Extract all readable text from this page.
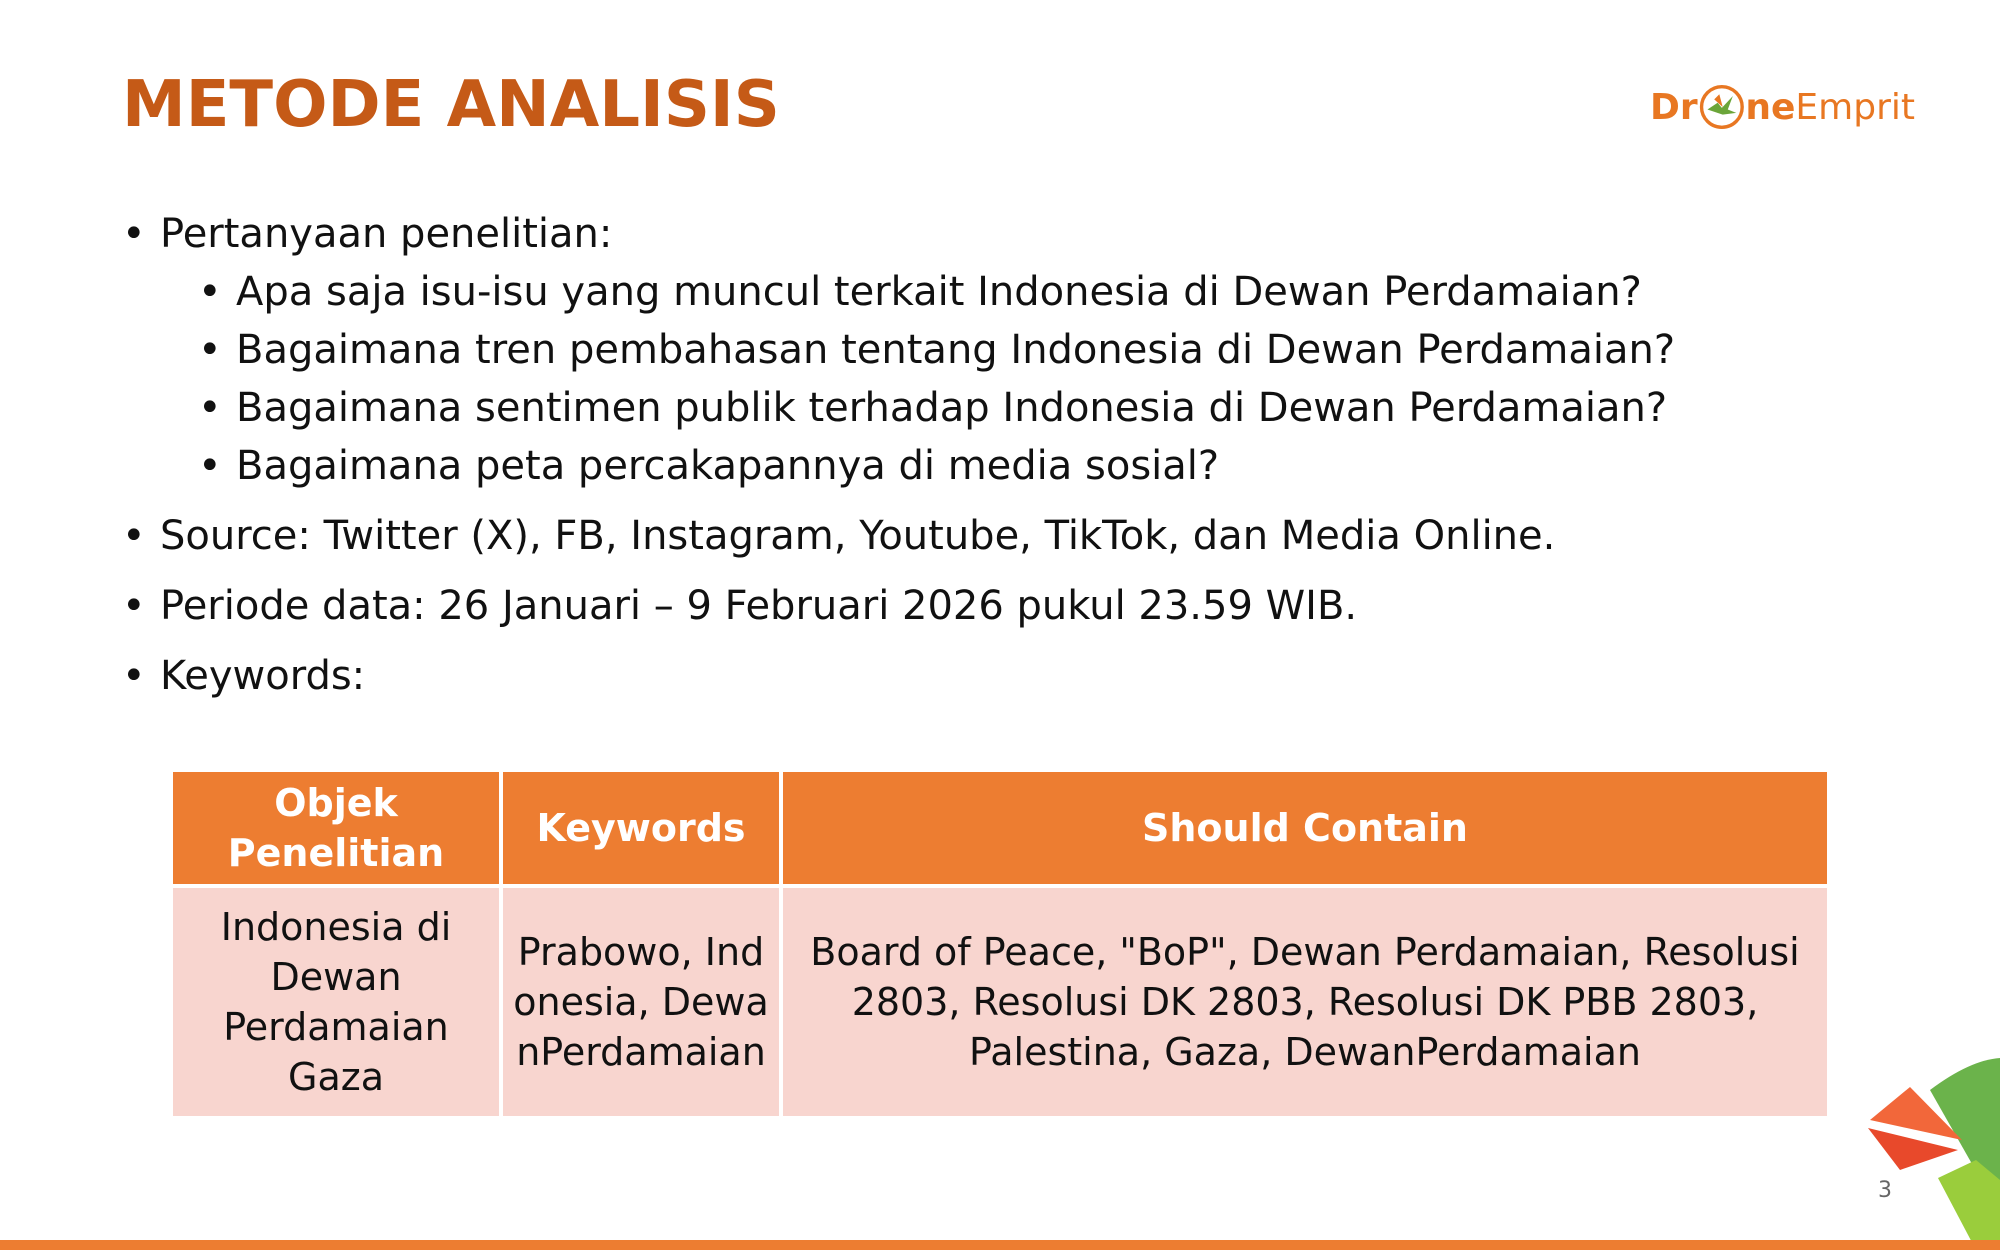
METODE ANALISIS	Dr ne Emprit
• Pertanyaan penelitian:
• Apa saja isu-isu yang muncul terkait Indonesia di Dewan Perdamaian?
• Bagaimana tren pembahasan tentang Indonesia di Dewan Perdamaian?
• Bagaimana sentimen publik terhadap Indonesia di Dewan Perdamaian?
• Bagaimana peta percakapannya di media sosial?
• Source: Twitter (X), FB, Instagram, Youtube, TikTok, dan Media Online.
• Periode data: 26 Januari – 9 Februari 2026 pukul 23.59 WIB.
• Keywords:
Objek Penelitian	Keywords	Should Contain
Indonesia di Dewan Perdamaian Gaza	Prabowo, Indonesia, DewanPerdamaian	Board of Peace, "BoP", Dewan Perdamaian, Resolusi 2803, Resolusi DK 2803, Resolusi DK PBB 2803, Palestina, Gaza, DewanPerdamaian
3
